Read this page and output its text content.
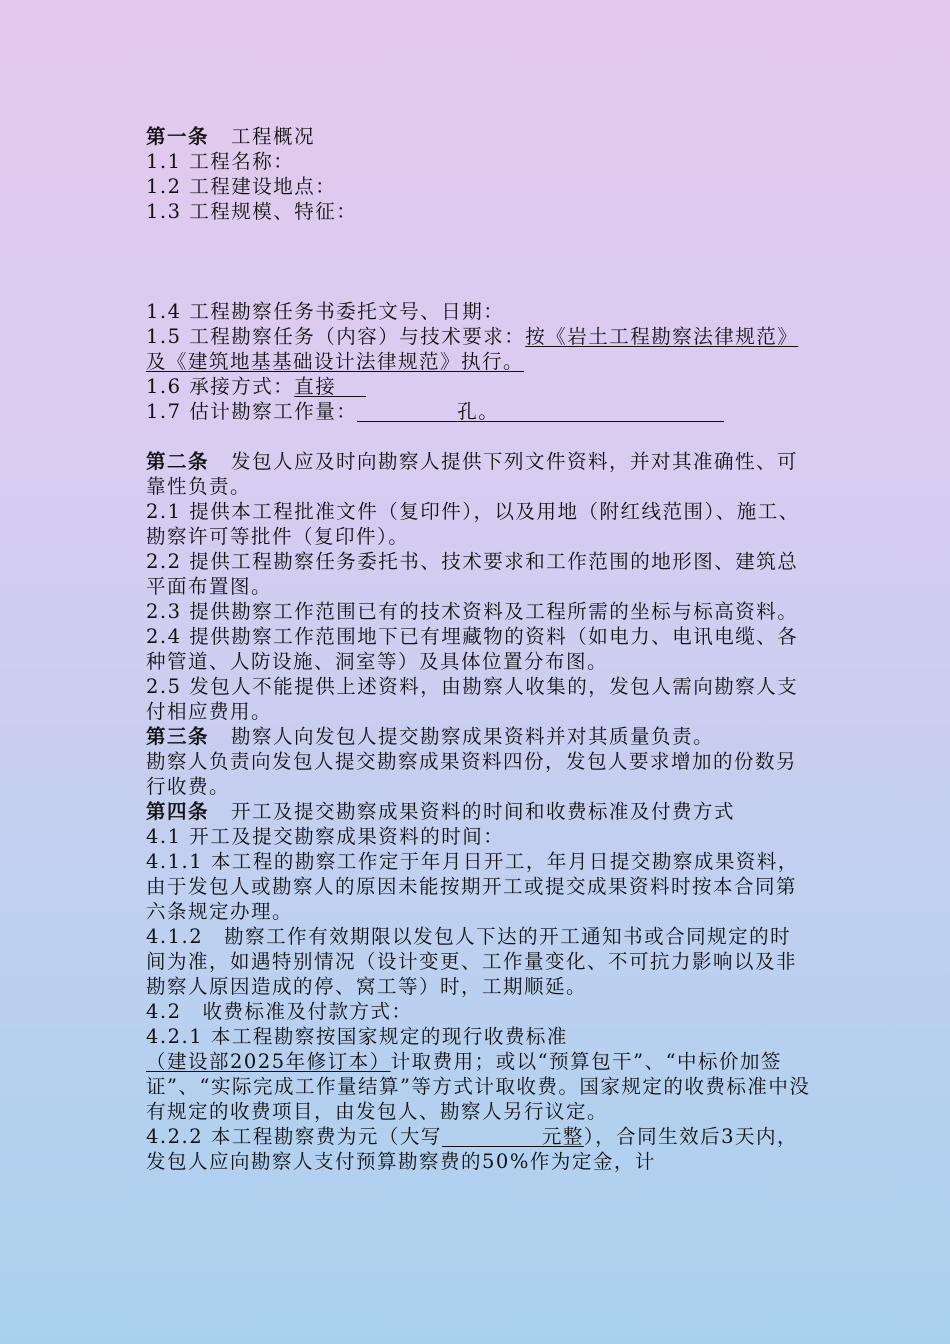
第一条 工程概况

1.1 工程名称：

1.2 工程建设地点：

1.3 工程规模、特征：

1.4 工程勘察任务书委托文号、日期：

1.5 工程勘察任务（内容）与技术要求：按《岩土工程勘察法律规范》及《建筑地基基础设计法律规范》执行。

1.6 承接方式：直接

1.7 估计勘察工作量：	孔。

第二条 发包人应及时向勘察人提供下列文件资料，并对其准确性、可靠性负责。

2.1 提供本工程批准文件（复印件），以及用地（附红线范围）、施工、勘察许可等批件（复印件）。

2.2 提供工程勘察任务委托书、技术要求和工作范围的地形图、建筑总平面布置图。

2.3 提供勘察工作范围已有的技术资料及工程所需的坐标与标高资料。

2.4 提供勘察工作范围地下已有埋藏物的资料（如电力、电讯电缆、各种管道、人防设施、洞室等）及具体位置分布图。

2.5 发包人不能提供上述资料，由勘察人收集的，发包人需向勘察人支付相应费用。

第三条 勘察人向发包人提交勘察成果资料并对其质量负责。

勘察人负责向发包人提交勘察成果资料四份，发包人要求增加的份数另行收费。

第四条 开工及提交勘察成果资料的时间和收费标准及付费方式

4.1 开工及提交勘察成果资料的时间：

4.1.1 本工程的勘察工作定于年月日开工，年月日提交勘察成果资料，由于发包人或勘察人的原因未能按期开工或提交成果资料时按本合同第六条规定办理。

4.1.2　勘察工作有效期限以发包人下达的开工通知书或合同规定的时间为准，如遇特别情况（设计变更、工作量变化、不可抗力影响以及非勘察人原因造成的停、窝工等）时，工期顺延。

4.2　收费标准及付款方式：

4.2.1 本工程勘察按国家规定的现行收费标准（建设部2025年修订本）计取费用；或以“预算包干”、“中标价加签证”、“实际完成工作量结算”等方式计取收费。国家规定的收费标准中没有规定的收费项目，由发包人、勘察人另行议定。

4.2.2 本工程勘察费为元（大写	元整），合同生效后3天内，发包人应向勘察人支付预算勘察费的50%作为定金，计
